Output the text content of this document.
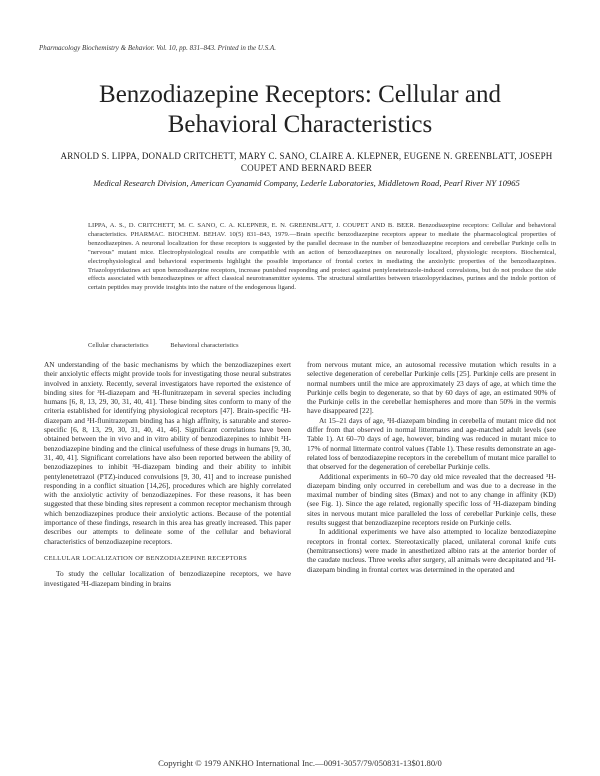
Pharmacology Biochemistry & Behavior. Vol. 10, pp. 831–843. Printed in the U.S.A.
Benzodiazepine Receptors: Cellular and Behavioral Characteristics
ARNOLD S. LIPPA, DONALD CRITCHETT, MARY C. SANO, CLAIRE A. KLEPNER, EUGENE N. GREENBLATT, JOSEPH COUPET AND BERNARD BEER
Medical Research Division, American Cyanamid Company, Lederle Laboratories, Middletown Road, Pearl River NY 10965
LIPPA, A. S., D. CRITCHETT, M. C. SANO, C. A. KLEPNER, E. N. GREENBLATT, J. COUPET AND B. BEER. Benzodiazepine receptors: Cellular and behavioral characteristics. PHARMAC. BIOCHEM. BEHAV. 10(5) 831–843, 1979.—Brain specific benzodiazepine receptors appear to mediate the pharmacological properties of benzodiazepines. A neuronal localization for these receptors is suggested by the parallel decrease in the number of benzodiazepine receptors and cerebellar Purkinje cells in "nervous" mutant mice. Electrophysiological results are compatible with an action of benzodiazepines on neuronally localized, physiologic receptors. Biochemical, electrophysiological and behavioral experiments highlight the possible importance of frontal cortex in mediating the anxiolytic properties of the benzodiazepines. Triazolopyridazines act upon benzodiazepine receptors, increase punished responding and protect against pentylenetetrazole-induced convulsions, but do not produce the side effects associated with benzodiazepines or affect classical neurotransmitter systems. The structural similarities between triazolopyridazines, purines and the indole portion of certain peptides may provide insights into the nature of the endogenous ligand.
Cellular characteristics	Behavioral characteristics

AN understanding of the basic mechanisms by which the benzodiazepines exert their anxiolytic effects might provide tools for investigating those neural substrates involved in anxiety. Recently, several investigators have reported the existence of binding sites for ³H-diazepam and ³H-flunitrazepam in several species including humans [6, 8, 13, 29, 30, 31, 40, 41]. These binding sites conform to many of the criteria established for identifying physiological receptors [47]. Brain-specific ³H-diazepam and ³H-flunitrazepam binding has a high affinity, is saturable and stereo-specific [6, 8, 13, 29, 30, 31, 40, 41, 46]. Significant correlations have been obtained between the in vivo and in vitro ability of benzodiazepines to inhibit ³H-benzodiazepine binding and the clinical usefulness of these drugs in humans [9, 30, 31, 40, 41]. Significant correlations have also been reported between the ability of benzodiazepines to inhibit ³H-diazepam binding and their ability to inhibit pentylenetetrazol (PTZ)-induced convulsions [9, 30, 41] and to increase punished responding in a conflict situation [14,26], procedures which are highly correlated with the anxiolytic activity of benzodiazepines. For these reasons, it has been suggested that these binding sites represent a common receptor mechanism through which benzodiazepines produce their anxiolytic actions. Because of the potential importance of these findings, research in this area has greatly increased. This paper describes our attempts to delineate some of the cellular and behavioral characteristics of benzodiazepine receptors.

CELLULAR LOCALIZATION OF BENZODIAZEPINE RECEPTORS

To study the cellular localization of benzodiazepine receptors, we have investigated ³H-diazepam binding in brains

from nervous mutant mice, an autosomal recessive mutation which results in a selective degeneration of cerebellar Purkinje cells [25]. Purkinje cells are present in normal numbers until the mice are approximately 23 days of age, at which time the Purkinje cells begin to degenerate, so that by 60 days of age, an estimated 90% of the Purkinje cells in the cerebellar hemispheres and more than 50% in the vermis have disappeared [22].

At 15–21 days of age, ³H-diazepam binding in cerebella of mutant mice did not differ from that observed in normal littermates and age-matched adult levels (see Table 1). At 60–70 days of age, however, binding was reduced in mutant mice to 17% of normal littermate control values (Table 1). These results demonstrate an age-related loss of benzodiazepine receptors in the cerebellum of mutant mice parallel to that observed for the degeneration of cerebellar Purkinje cells.

Additional experiments in 60–70 day old mice revealed that the decreased ³H-diazepam binding only occurred in cerebellum and was due to a decrease in the maximal number of binding sites (Bmax) and not to any change in affinity (KD) (see Fig. 1). Since the age related, regionally specific loss of ³H-diazepam binding sites in nervous mutant mice paralleled the loss of cerebellar Purkinje cells, these results suggest that benzodiazepine receptors reside on Purkinje cells.

In additional experiments we have also attempted to localize benzodiazepine receptors in frontal cortex. Stereotaxically placed, unilateral coronal knife cuts (hemitransections) were made in anesthetized albino rats at the anterior border of the caudate nucleus. Three weeks after surgery, all animals were decapitated and ³H-diazepam binding in frontal cortex was determined in the operated and

Copyright © 1979 ANKHO International Inc.—0091-3057/79/050831-13$01.80/0
